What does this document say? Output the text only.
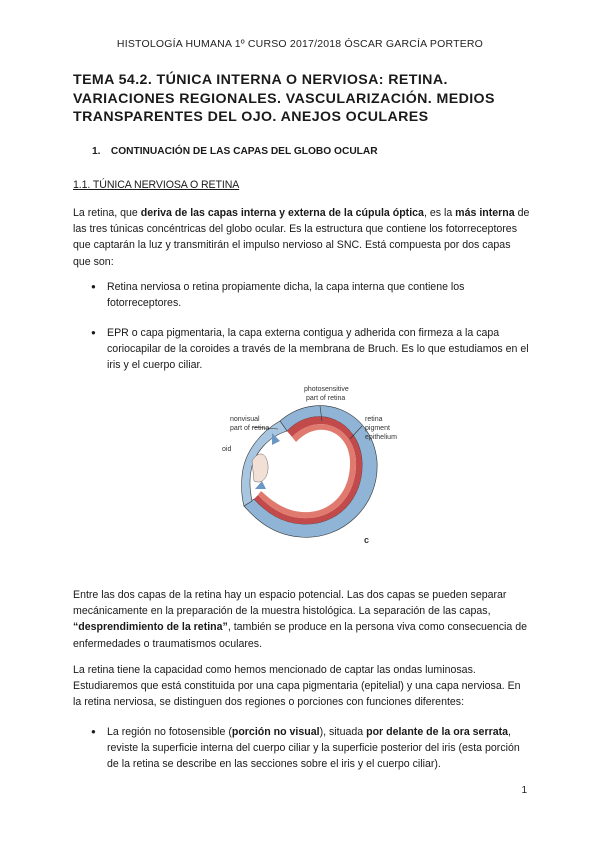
HISTOLOGÍA HUMANA 1º CURSO 2017/2018 ÓSCAR GARCÍA PORTERO
TEMA 54.2. TÚNICA INTERNA O NERVIOSA: RETINA. VARIACIONES REGIONALES. VASCULARIZACIÓN. MEDIOS TRANSPARENTES DEL OJO. ANEJOS OCULARES
1. CONTINUACIÓN DE LAS CAPAS DEL GLOBO OCULAR
1.1. TÚNICA NERVIOSA O RETINA
La retina, que deriva de las capas interna y externa de la cúpula óptica, es la más interna de las tres túnicas concéntricas del globo ocular. Es la estructura que contiene los fotorreceptores que captarán la luz y transmitirán el impulso nervioso al SNC. Está compuesta por dos capas que son:
●	Retina nerviosa o retina propiamente dicha, la capa interna que contiene los fotorreceptores.
●	EPR o capa pigmentaria, la capa externa contigua y adherida con firmeza a la capa coriocapilar de la coroides a través de la membrana de Bruch. Es lo que estudiamos en el iris y el cuerpo ciliar.
photosensitive
part of retina
nonvisual
part of retina
retina
pigment
epithelium
oid
c
Entre las dos capas de la retina hay un espacio potencial. Las dos capas se pueden separar mecánicamente en la preparación de la muestra histológica. La separación de las capas, “desprendimiento de la retina”, también se produce en la persona viva como consecuencia de enfermedades o traumatismos oculares.
La retina tiene la capacidad como hemos mencionado de captar las ondas luminosas. Estudiaremos que está constituida por una capa pigmentaria (epitelial) y una capa nerviosa. En la retina nerviosa, se distinguen dos regiones o porciones con funciones diferentes:
●	La región no fotosensible (porción no visual), situada por delante de la ora serrata, reviste la superficie interna del cuerpo ciliar y la superficie posterior del iris (esta porción de la retina se describe en las secciones sobre el iris y el cuerpo ciliar).
1
